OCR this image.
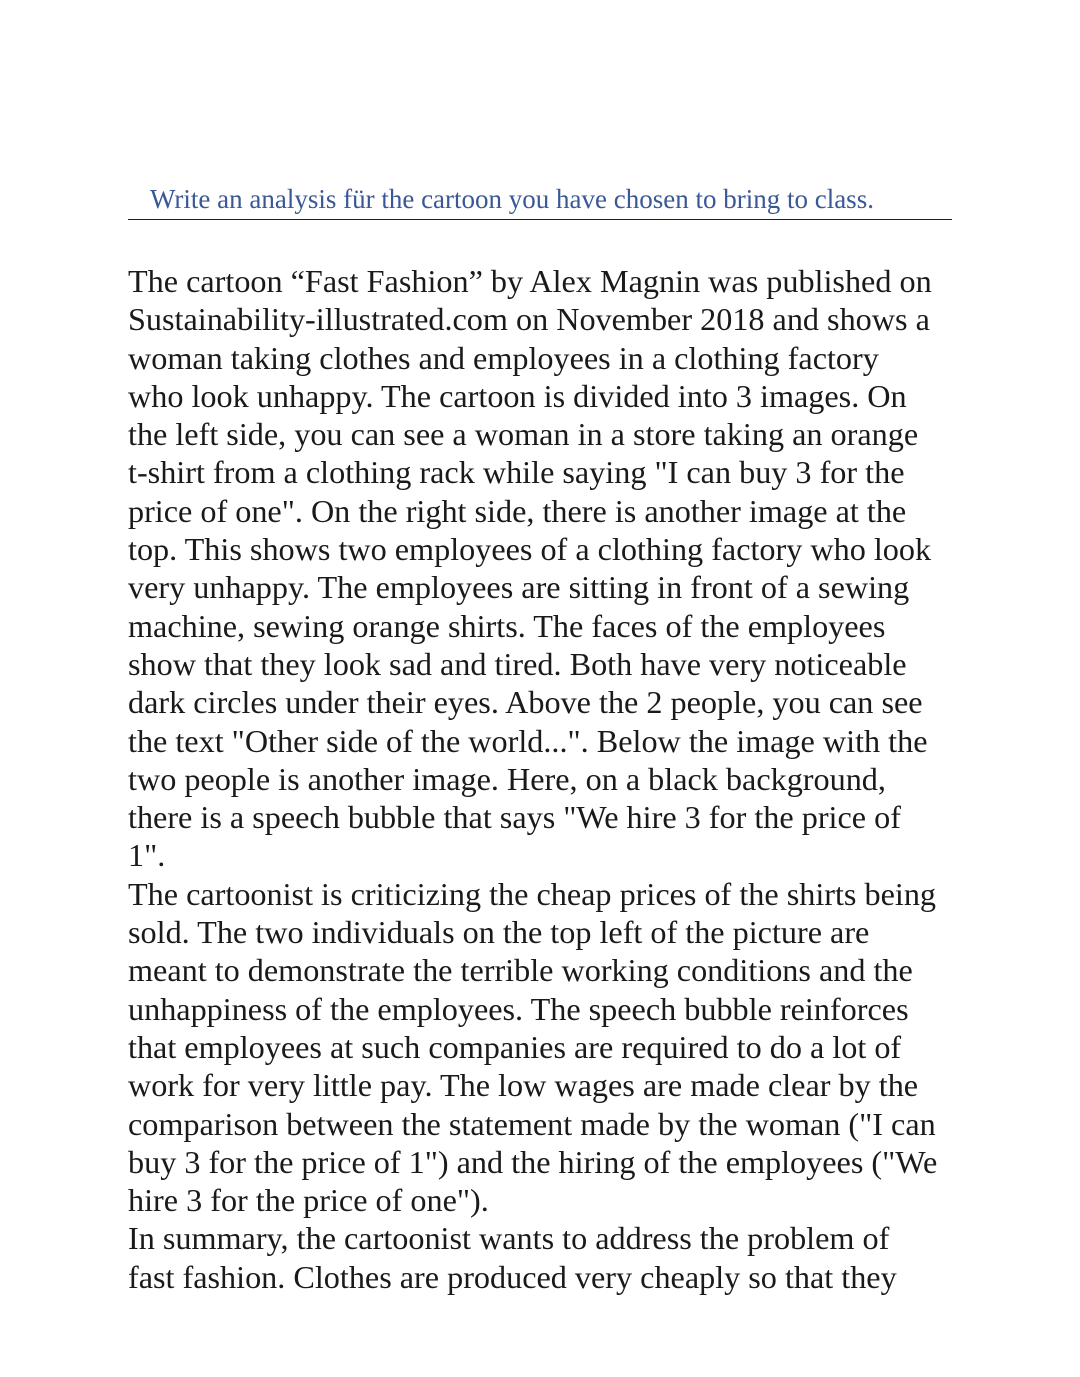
Write an analysis für the cartoon you have chosen to bring to class.
The cartoon “Fast Fashion” by Alex Magnin was published on
Sustainability-illustrated.com on November 2018 and shows a
woman taking clothes and employees in a clothing factory
who look unhappy. The cartoon is divided into 3 images. On
the left side, you can see a woman in a store taking an orange
t-shirt from a clothing rack while saying "I can buy 3 for the
price of one". On the right side, there is another image at the
top. This shows two employees of a clothing factory who look
very unhappy. The employees are sitting in front of a sewing
machine, sewing orange shirts. The faces of the employees
show that they look sad and tired. Both have very noticeable
dark circles under their eyes. Above the 2 people, you can see
the text "Other side of the world...". Below the image with the
two people is another image. Here, on a black background,
there is a speech bubble that says "We hire 3 for the price of
1".
The cartoonist is criticizing the cheap prices of the shirts being
sold. The two individuals on the top left of the picture are
meant to demonstrate the terrible working conditions and the
unhappiness of the employees. The speech bubble reinforces
that employees at such companies are required to do a lot of
work for very little pay. The low wages are made clear by the
comparison between the statement made by the woman ("I can
buy 3 for the price of 1") and the hiring of the employees ("We
hire 3 for the price of one").
In summary, the cartoonist wants to address the problem of
fast fashion. Clothes are produced very cheaply so that they
